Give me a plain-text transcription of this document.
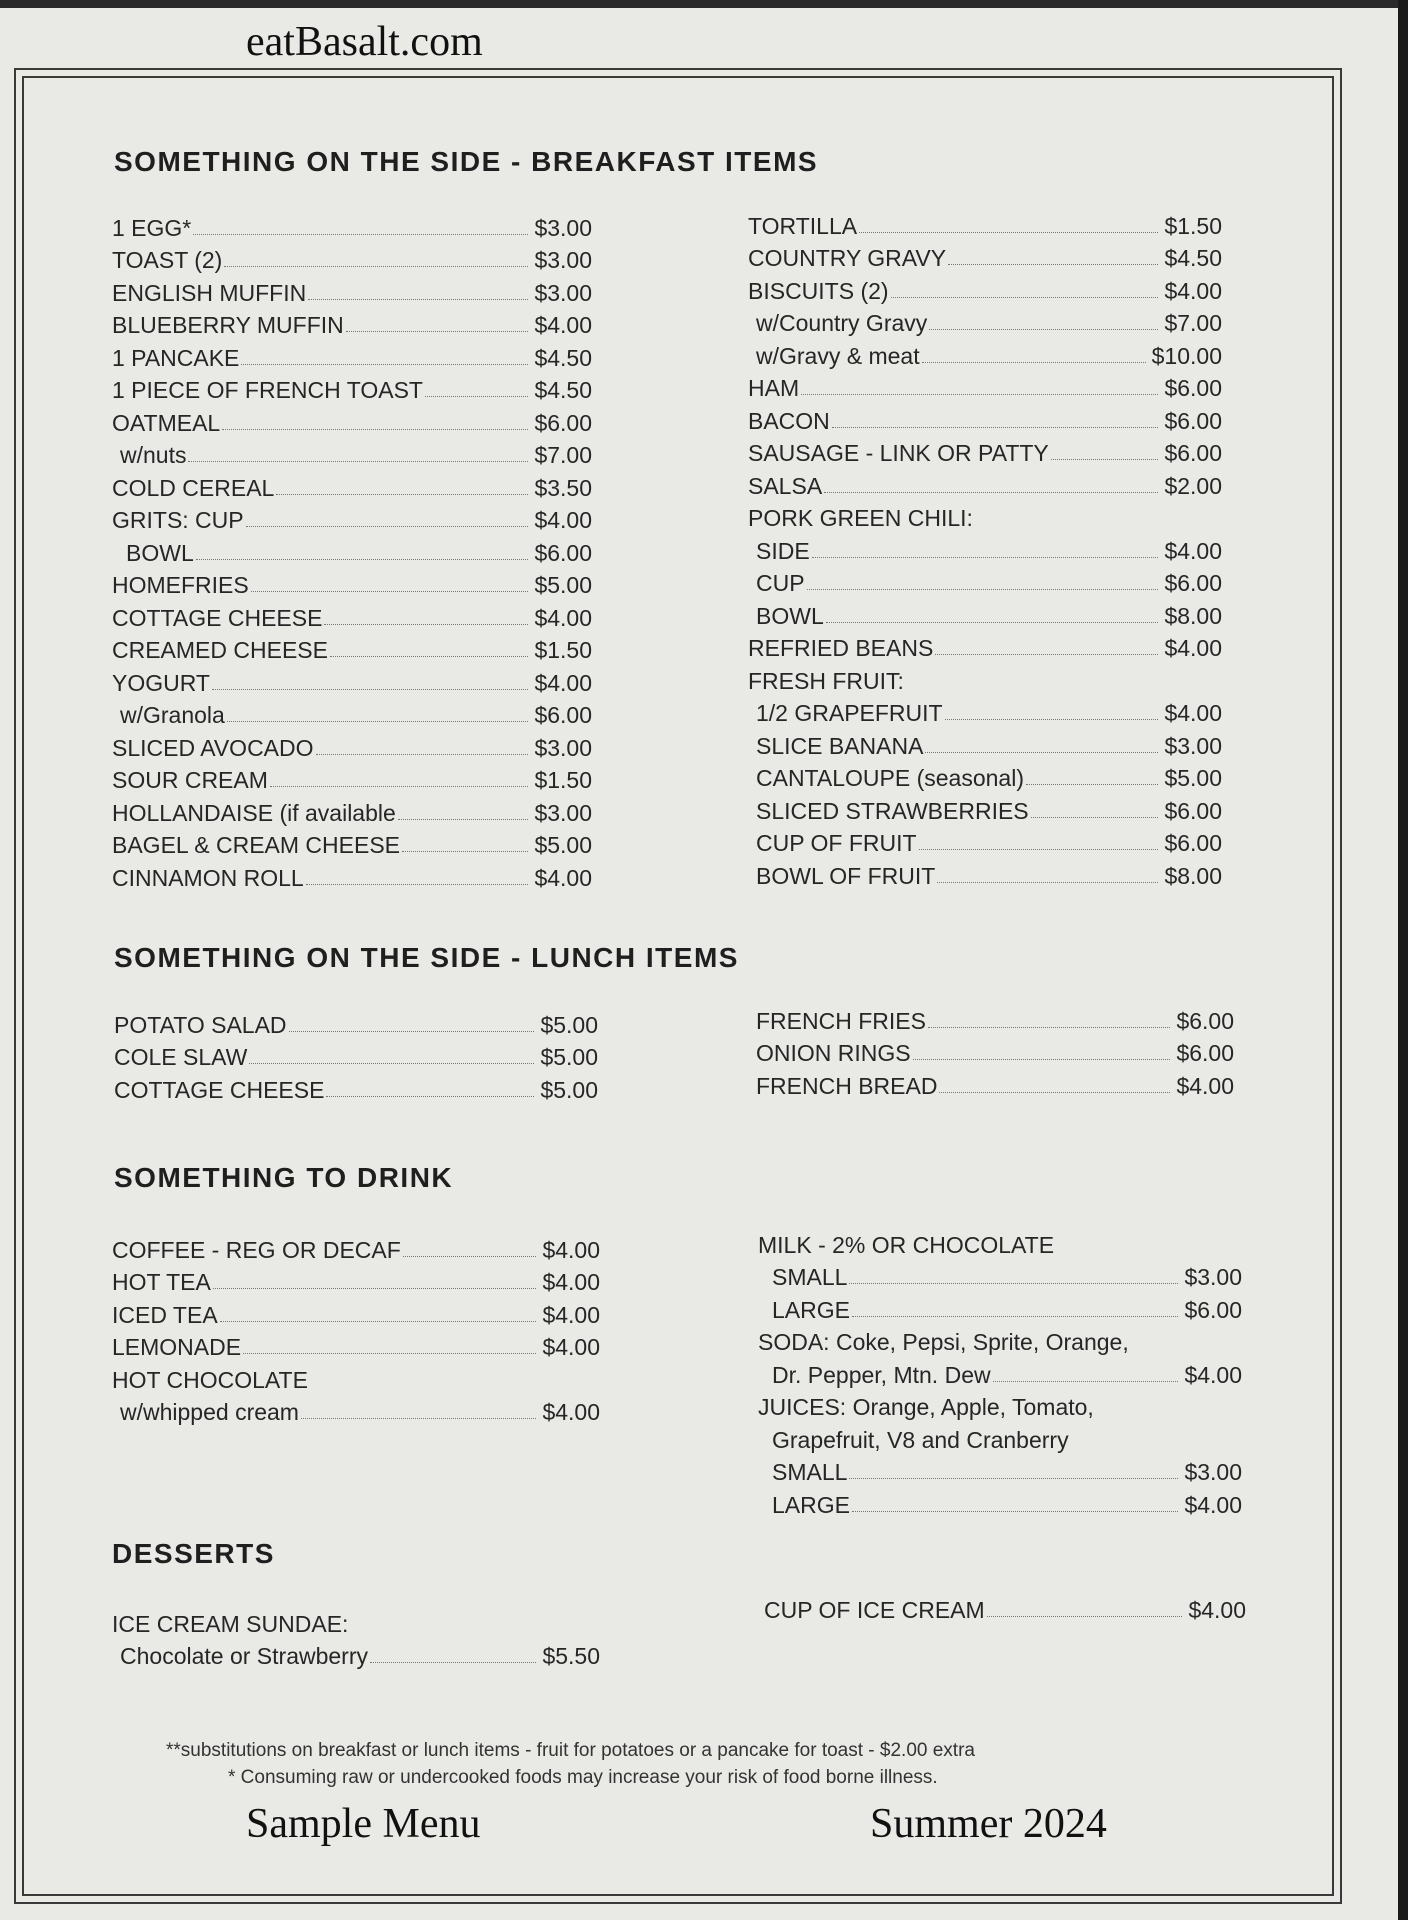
eatBasalt.com
SOMETHING ON THE SIDE - BREAKFAST ITEMS
1 EGG*	$3.00
TOAST (2)	$3.00
ENGLISH MUFFIN	$3.00
BLUEBERRY MUFFIN	$4.00
1 PANCAKE	$4.50
1 PIECE OF FRENCH TOAST	$4.50
OATMEAL	$6.00
w/nuts	$7.00
COLD CEREAL	$3.50
GRITS: CUP	$4.00
BOWL	$6.00
HOMEFRIES	$5.00
COTTAGE CHEESE	$4.00
CREAMED CHEESE	$1.50
YOGURT	$4.00
w/Granola	$6.00
SLICED AVOCADO	$3.00
SOUR CREAM	$1.50
HOLLANDAISE (if available	$3.00
BAGEL & CREAM CHEESE	$5.00
CINNAMON ROLL	$4.00
TORTILLA	$1.50
COUNTRY GRAVY	$4.50
BISCUITS (2)	$4.00
w/Country Gravy	$7.00
w/Gravy & meat	$10.00
HAM	$6.00
BACON	$6.00
SAUSAGE - LINK OR PATTY	$6.00
SALSA	$2.00
PORK GREEN CHILI:
SIDE	$4.00
CUP	$6.00
BOWL	$8.00
REFRIED BEANS	$4.00
FRESH FRUIT:
1/2 GRAPEFRUIT	$4.00
SLICE BANANA	$3.00
CANTALOUPE (seasonal)	$5.00
SLICED STRAWBERRIES	$6.00
CUP OF FRUIT	$6.00
BOWL OF FRUIT	$8.00
SOMETHING ON THE SIDE - LUNCH ITEMS
POTATO SALAD	$5.00
COLE SLAW	$5.00
COTTAGE CHEESE	$5.00
FRENCH FRIES	$6.00
ONION RINGS	$6.00
FRENCH BREAD	$4.00
SOMETHING TO DRINK
COFFEE - REG OR DECAF	$4.00
HOT TEA	$4.00
ICED TEA	$4.00
LEMONADE	$4.00
HOT CHOCOLATE
w/whipped cream	$4.00
MILK - 2% OR CHOCOLATE
SMALL	$3.00
LARGE	$6.00
SODA: Coke, Pepsi, Sprite, Orange,
Dr. Pepper, Mtn. Dew	$4.00
JUICES: Orange, Apple, Tomato,
Grapefruit, V8 and Cranberry
SMALL	$3.00
LARGE	$4.00
DESSERTS
ICE CREAM SUNDAE:
Chocolate or Strawberry	$5.50
CUP OF ICE CREAM	$4.00
**substitutions on breakfast or lunch items - fruit for potatoes or a pancake for toast - $2.00 extra
* Consuming raw or undercooked foods may increase your risk of food borne illness.
Sample Menu	Summer 2024
